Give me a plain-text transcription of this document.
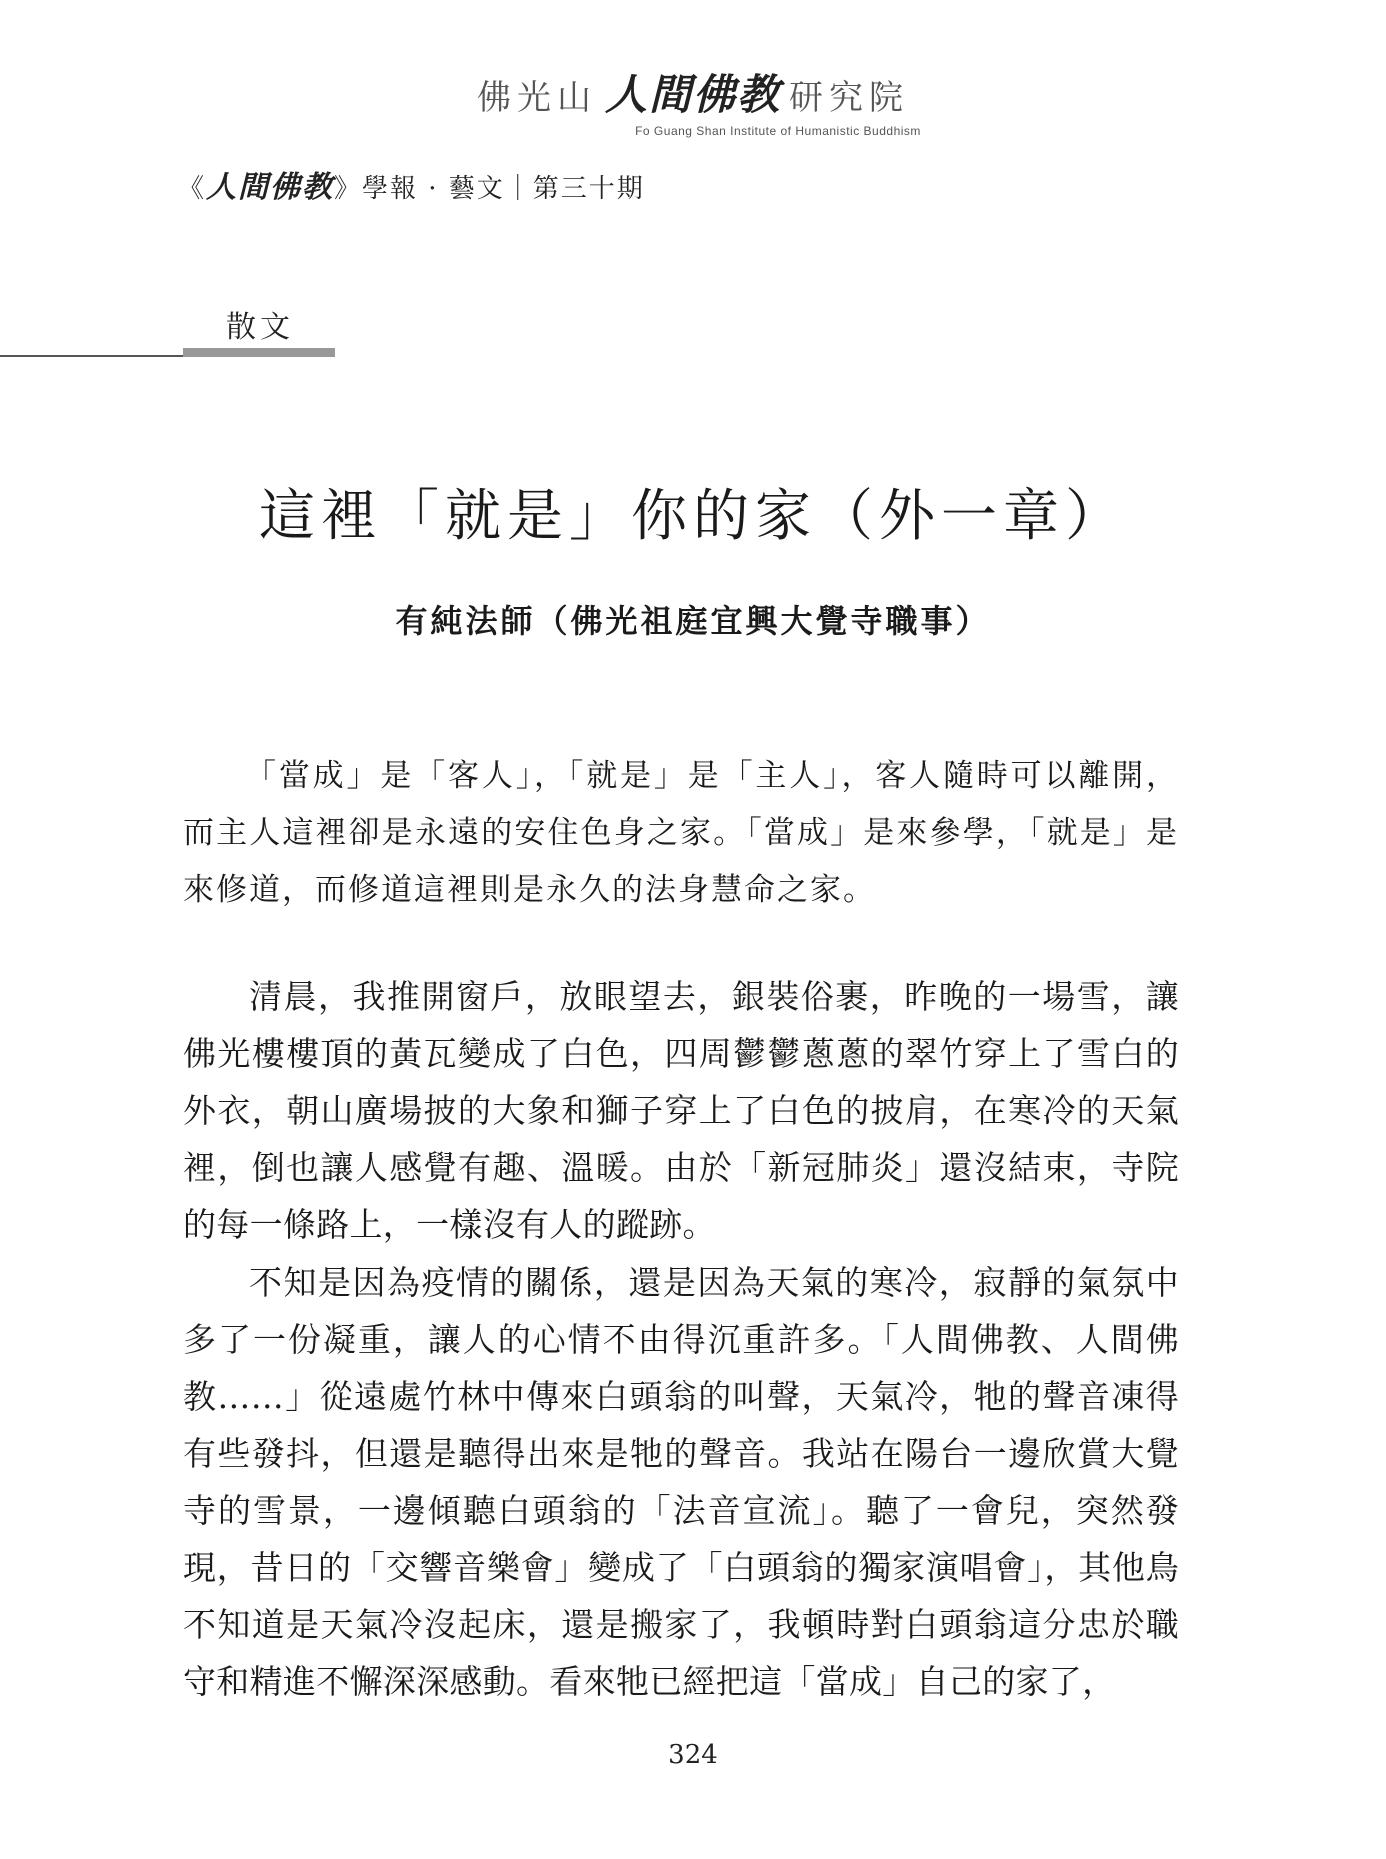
佛光山 人間佛教 研究院
Fo Guang Shan Institute of Humanistic Buddhism
《人間佛教》學報 · 藝文｜第三十期
散文
這裡「就是」你的家（外一章）
有純法師（佛光祖庭宜興大覺寺職事）

「當成」是「客人」，「就是」是「主人」，客人隨時可以離開，而主人這裡卻是永遠的安住色身之家。「當成」是來參學，「就是」是來修道，而修道這裡則是永久的法身慧命之家。

清晨，我推開窗戶，放眼望去，銀裝俗裹，昨晚的一場雪，讓佛光樓樓頂的黃瓦變成了白色，四周鬱鬱蔥蔥的翠竹穿上了雪白的外衣，朝山廣場披的大象和獅子穿上了白色的披肩，在寒冷的天氣裡，倒也讓人感覺有趣、溫暖。由於「新冠肺炎」還沒結束，寺院的每一條路上，一樣沒有人的蹤跡。

不知是因為疫情的關係，還是因為天氣的寒冷，寂靜的氣氛中多了一份凝重，讓人的心情不由得沉重許多。「人間佛教、人間佛教……」從遠處竹林中傳來白頭翁的叫聲，天氣冷，牠的聲音凍得有些發抖，但還是聽得出來是牠的聲音。我站在陽台一邊欣賞大覺寺的雪景，一邊傾聽白頭翁的「法音宣流」。聽了一會兒，突然發現，昔日的「交響音樂會」變成了「白頭翁的獨家演唱會」，其他鳥不知道是天氣冷沒起床，還是搬家了，我頓時對白頭翁這分忠於職守和精進不懈深深感動。看來牠已經把這「當成」自己的家了，

324
